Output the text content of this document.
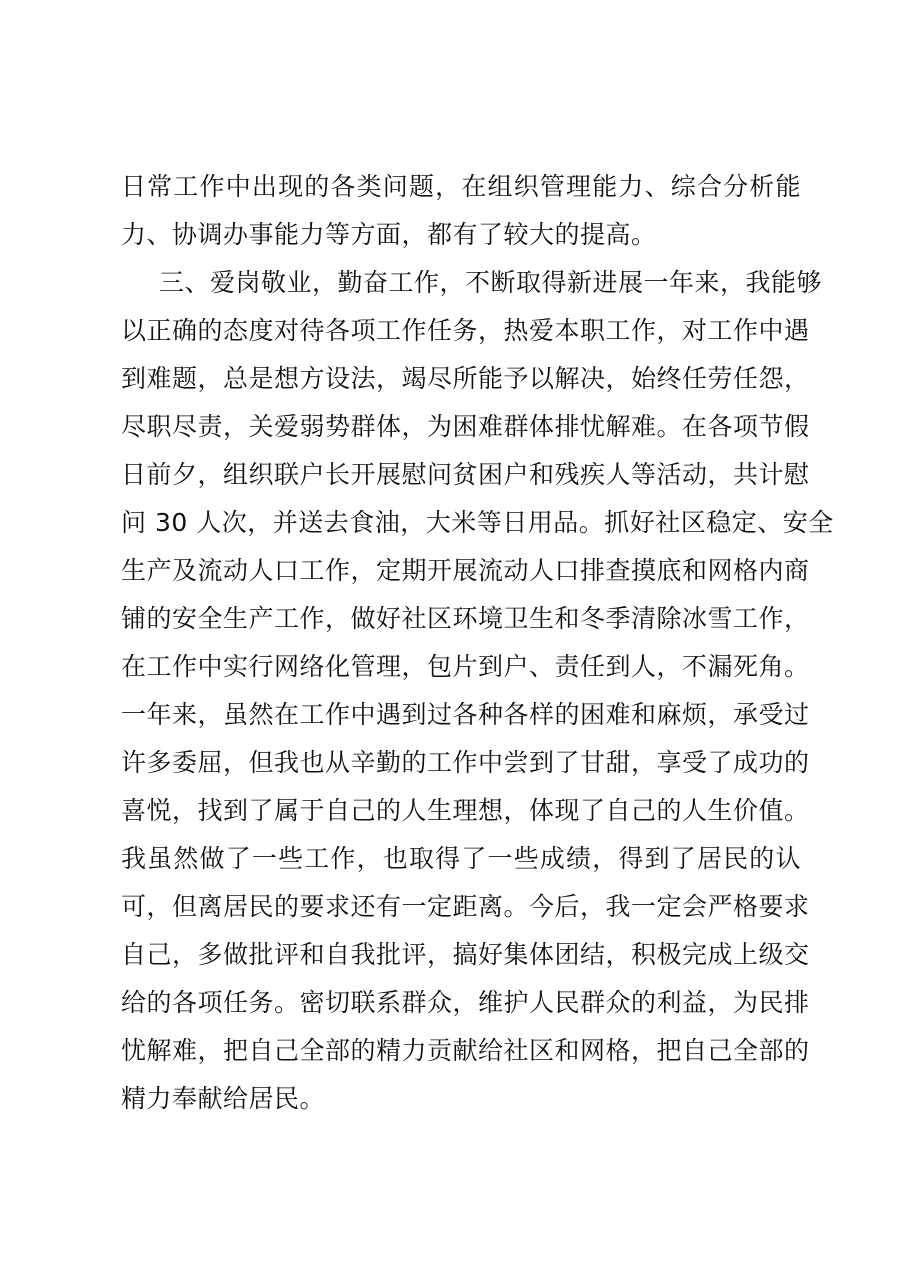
日常工作中出现的各类问题，在组织管理能力、综合分析能
力、协调办事能力等方面，都有了较大的提高。
三、爱岗敬业，勤奋工作，不断取得新进展一年来，我能够
以正确的态度对待各项工作任务，热爱本职工作，对工作中遇
到难题，总是想方设法，竭尽所能予以解决，始终任劳任怨，
尽职尽责，关爱弱势群体，为困难群体排忧解难。在各项节假
日前夕，组织联户长开展慰问贫困户和残疾人等活动，共计慰
问 30 人次，并送去食油，大米等日用品。抓好社区稳定、安全
生产及流动人口工作，定期开展流动人口排查摸底和网格内商
铺的安全生产工作，做好社区环境卫生和冬季清除冰雪工作，
在工作中实行网络化管理，包片到户、责任到人，不漏死角。
一年来，虽然在工作中遇到过各种各样的困难和麻烦，承受过
许多委屈，但我也从辛勤的工作中尝到了甘甜，享受了成功的
喜悦，找到了属于自己的人生理想，体现了自己的人生价值。
我虽然做了一些工作，也取得了一些成绩，得到了居民的认
可，但离居民的要求还有一定距离。今后，我一定会严格要求
自己，多做批评和自我批评，搞好集体团结，积极完成上级交
给的各项任务。密切联系群众，维护人民群众的利益，为民排
忧解难，把自己全部的精力贡献给社区和网格，把自己全部的
精力奉献给居民。
